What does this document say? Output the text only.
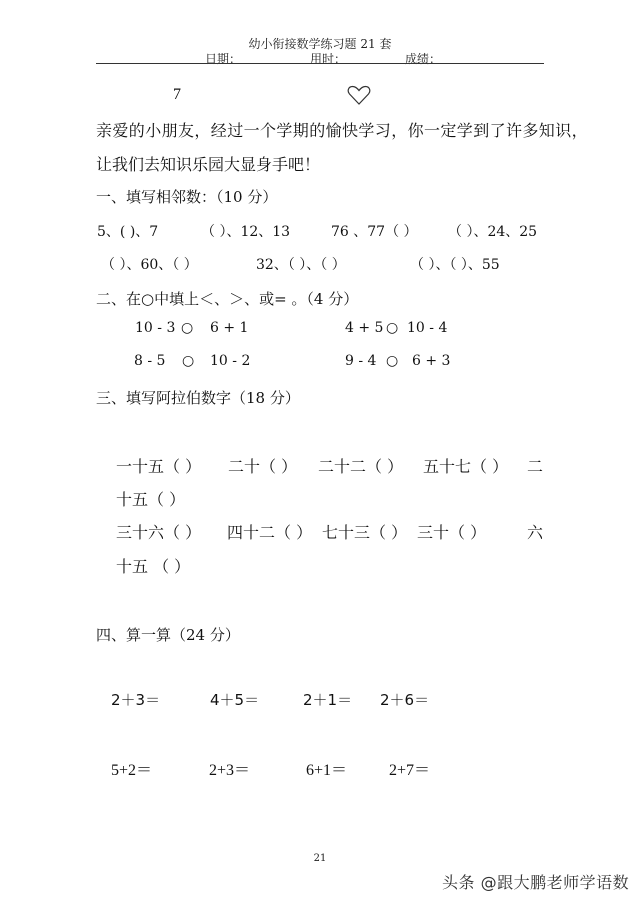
幼小衔接数学练习题 21 套
日期：	用时：	成绩：
7
亲爱的小朋友，经过一个学期的愉快学习，你一定学到了许多知识，
让我们去知识乐园大显身手吧！
一、填写相邻数：（10 分）
5、( )、7	（ ）、12、13	76 、77（ ） （ ）、24、25
（ ）、60、（ ）	32、（ ）、（ ）	（ ）、（ ）、55
二、在○中填上＜、＞、或= 。（4 分）
10 - 3 ○ 6 + 1	4 + 5 ○ 10 - 4
8 - 5 ○ 10 - 2	9 - 4 ○ 6 + 3
三、填写阿拉伯数字（18 分）
一十五（ ） 二十（ ） 二十二（ ） 五十七（ ） 二
十五（ ）
三十六（ ） 四十二（ ） 七十三（ ） 三十（ ）	六
十五 （ ）
四、算一算（24 分）
2＋3＝	4＋5＝	2＋1＝ 2＋6＝
5+2＝	2+3＝	6+1＝	2+7＝
21
头条 @跟大鹏老师学语数
